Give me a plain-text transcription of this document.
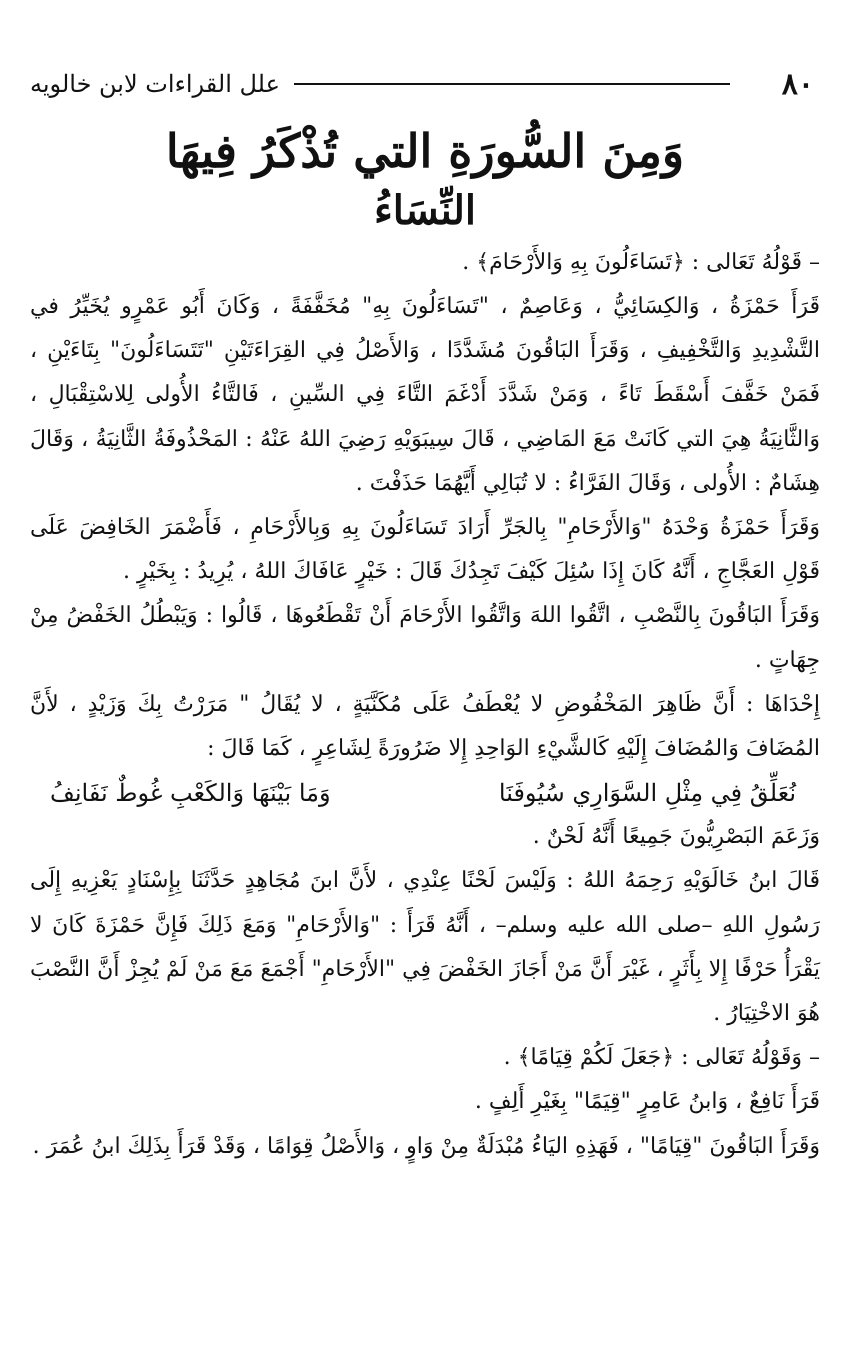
٨٠
علل القراءات لابن خالويه
وَمِنَ السُّورَةِ التي تُذْكَرُ فِيهَا
النِّسَاءُ

– قَوْلُهُ تَعَالى : ﴿تَسَاءَلُونَ بِهِ وَالأَرْحَامَ﴾ .

قَرَأَ حَمْزَةُ ، وَالكِسَائِيُّ ، وَعَاصِمٌ ، "تَسَاءَلُونَ بِهِ" مُخَفَّفَةً ، وَكَانَ أَبُو عَمْرٍو يُخَيِّرُ في التَّشْدِيدِ وَالتَّخْفِيفِ ، وَقَرَأَ البَاقُونَ مُشَدَّدًا ، وَالأَصْلُ فِي القِرَاءَتَيْنِ "تَتَسَاءَلُونَ" بِتَاءَيْنِ ، فَمَنْ خَفَّفَ أَسْقَطَ تَاءً ، وَمَنْ شَدَّدَ أَدْغَمَ التَّاءَ فِي السِّينِ ، فَالتَّاءُ الأُولى لِلاسْتِقْبَالِ ، وَالثَّانِيَةُ هِيَ التي كَانَتْ مَعَ المَاضِي ، قَالَ سِيبَوَيْهِ رَضِيَ اللهُ عَنْهُ : المَحْذُوفَةُ الثَّانِيَةُ ، وَقَالَ هِشَامٌ : الأُولى ، وَقَالَ الفَرَّاءُ : لا تُبَالِي أَيَّهُمَا حَذَفْتَ .

وَقَرَأَ حَمْزَةُ وَحْدَهُ "وَالأَرْحَامِ" بِالجَرِّ أَرَادَ تَسَاءَلُونَ بِهِ وَبِالأَرْحَامِ ، فَأَضْمَرَ الخَافِضَ عَلَى قَوْلِ العَجَّاجِ ، أَنَّهُ كَانَ إِذَا سُئِلَ كَيْفَ تَجِدُكَ قَالَ : خَيْرٍ عَافَاكَ اللهُ ، يُرِيدُ : بِخَيْرٍ .

وَقَرَأَ البَاقُونَ بِالنَّصْبِ ، اتَّقُوا اللهَ وَاتَّقُوا الأَرْحَامَ أَنْ تَقْطَعُوهَا ، قَالُوا : وَيَبْطُلُ الخَفْضُ مِنْ جِهَاتٍ .

إِحْدَاهَا : أَنَّ ظَاهِرَ المَخْفُوضِ لا يُعْطَفُ عَلَى مُكَنَّيَةٍ ، لا يُقَالُ " مَرَرْتُ بِكَ وَزَيْدٍ ، لأَنَّ المُضَافَ وَالمُضَافَ إِلَيْهِ كَالشَّيْءِ الوَاحِدِ إِلا ضَرُورَةً لِشَاعِرٍ ، كَمَا قَالَ :

نُعَلِّقُ فِي مِثْلِ السَّوَارِي سُيُوفَنَا
وَمَا بَيْنَهَا وَالكَعْبِ غُوطٌ نَفَانِفُ

وَزَعَمَ البَصْرِيُّونَ جَمِيعًا أَنَّهُ لَحْنٌ .

قَالَ ابنُ خَالَوَيْهِ رَحِمَهُ اللهُ : وَلَيْسَ لَحْنًا عِنْدِي ، لأَنَّ ابنَ مُجَاهِدٍ حَدَّثَنَا بِإِسْنَادٍ يَعْزِيهِ إِلَى رَسُولِ اللهِ –صلى الله عليه وسلم– ، أَنَّهُ قَرَأَ : "وَالأَرْحَامِ" وَمَعَ ذَلِكَ فَإِنَّ حَمْزَةَ كَانَ لا يَقْرَأُ حَرْفًا إِلا بِأَثَرٍ ، غَيْرَ أَنَّ مَنْ أَجَازَ الخَفْضَ فِي "الأَرْحَامِ" أَجْمَعَ مَعَ مَنْ لَمْ يُجِزْ أَنَّ النَّصْبَ هُوَ الاخْتِيَارُ .

– وَقَوْلُهُ تَعَالى : ﴿جَعَلَ لَكُمْ قِيَامًا﴾ .

قَرَأَ نَافِعٌ ، وَابنُ عَامِرٍ "قِيَمًا" بِغَيْرِ أَلِفٍ .

وَقَرَأَ البَاقُونَ "قِيَامًا" ، فَهَذِهِ اليَاءُ مُبْدَلَةٌ مِنْ وَاوٍ ، وَالأَصْلُ قِوَامًا ، وَقَدْ قَرَأَ بِذَلِكَ ابنُ عُمَرَ .
